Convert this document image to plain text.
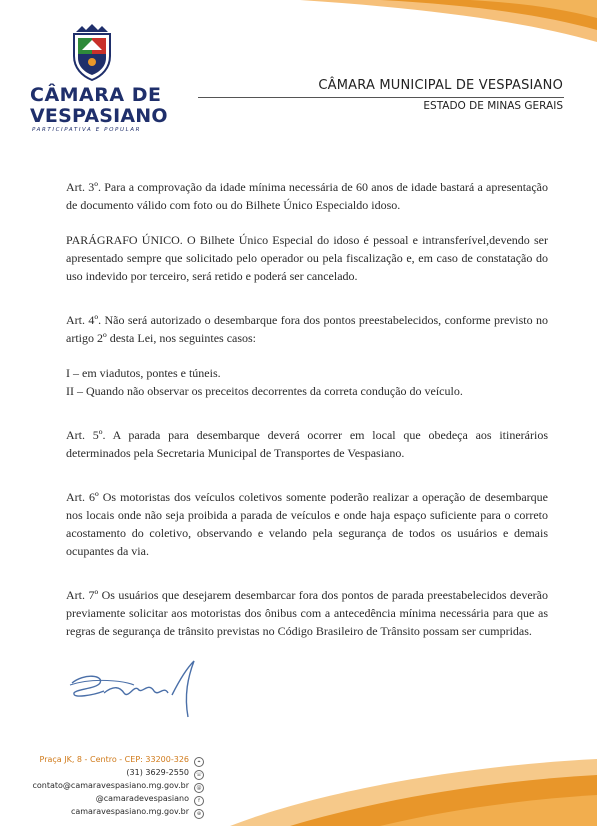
CÂMARA DE
VESPASIANO
PARTICIPATIVA E POPULAR
CÂMARA MUNICIPAL DE VESPASIANO
ESTADO DE MINAS GERAIS

Art. 3º. Para a comprovação da idade mínima necessária de 60 anos de idade bastará a apresentação de documento válido com foto ou do Bilhete Único Especialdo idoso.

PARÁGRAFO ÚNICO. O Bilhete Único Especial do idoso é pessoal e intransferível,devendo ser apresentado sempre que solicitado pelo operador ou pela fiscalização e, em caso de constatação do uso indevido por terceiro, será retido e poderá ser cancelado.

Art. 4º. Não será autorizado o desembarque fora dos pontos preestabelecidos, conforme previsto no artigo 2º desta Lei, nos seguintes casos:

I – em viadutos, pontes e túneis.

II – Quando não observar os preceitos decorrentes da correta condução do veículo.

Art. 5º. A parada para desembarque deverá ocorrer em local que obedeça aos itinerários determinados pela Secretaria Municipal de Transportes de Vespasiano.

Art. 6º Os motoristas dos veículos coletivos somente poderão realizar a operação de desembarque nos locais onde não seja proibida a parada de veículos e onde haja espaço suficiente para o correto acostamento do coletivo, observando e velando pela segurança de todos os usuários e demais ocupantes da via.

Art. 7º Os usuários que desejarem desembarcar fora dos pontos de parada preestabelecidos deverão previamente solicitar aos motoristas dos ônibus com a antecedência mínima necessária para que as regras de segurança de trânsito previstas no Código Brasileiro de Trânsito possam ser cumpridas.

Praça JK, 8 - Centro - CEP: 33200-326 ⌖
(31) 3629-2550 ☏
contato@camaravespasiano.mg.gov.br @
@camaradevespasiano f
camaravespasiano.mg.gov.br ⊕
